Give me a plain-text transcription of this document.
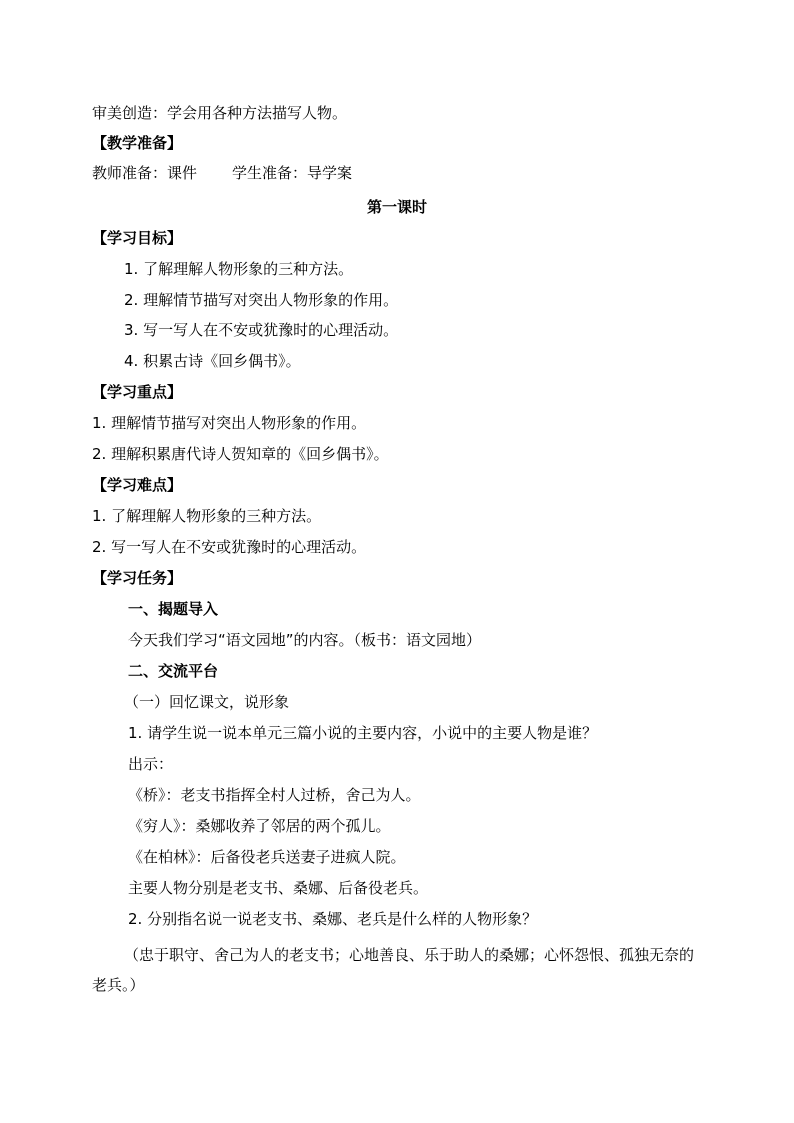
审美创造：学会用各种方法描写人物。
【教学准备】
教师准备：课件 学生准备：导学案
第一课时
【学习目标】
1. 了解理解人物形象的三种方法。
2. 理解情节描写对突出人物形象的作用。
3. 写一写人在不安或犹豫时的心理活动。
4. 积累古诗《回乡偶书》。
【学习重点】
1. 理解情节描写对突出人物形象的作用。
2. 理解积累唐代诗人贺知章的《回乡偶书》。
【学习难点】
1. 了解理解人物形象的三种方法。
2. 写一写人在不安或犹豫时的心理活动。
【学习任务】
一、揭题导入
今天我们学习“语文园地”的内容。（板书：语文园地）
二、交流平台
（一）回忆课文，说形象
1. 请学生说一说本单元三篇小说的主要内容，小说中的主要人物是谁？
出示：
《桥》：老支书指挥全村人过桥，舍己为人。
《穷人》：桑娜收养了邻居的两个孤儿。
《在柏林》：后备役老兵送妻子进疯人院。
主要人物分别是老支书、桑娜、后备役老兵。
2. 分别指名说一说老支书、桑娜、老兵是什么样的人物形象？
（忠于职守、舍己为人的老支书；心地善良、乐于助人的桑娜；心怀怨恨、孤独无奈的老兵。）
